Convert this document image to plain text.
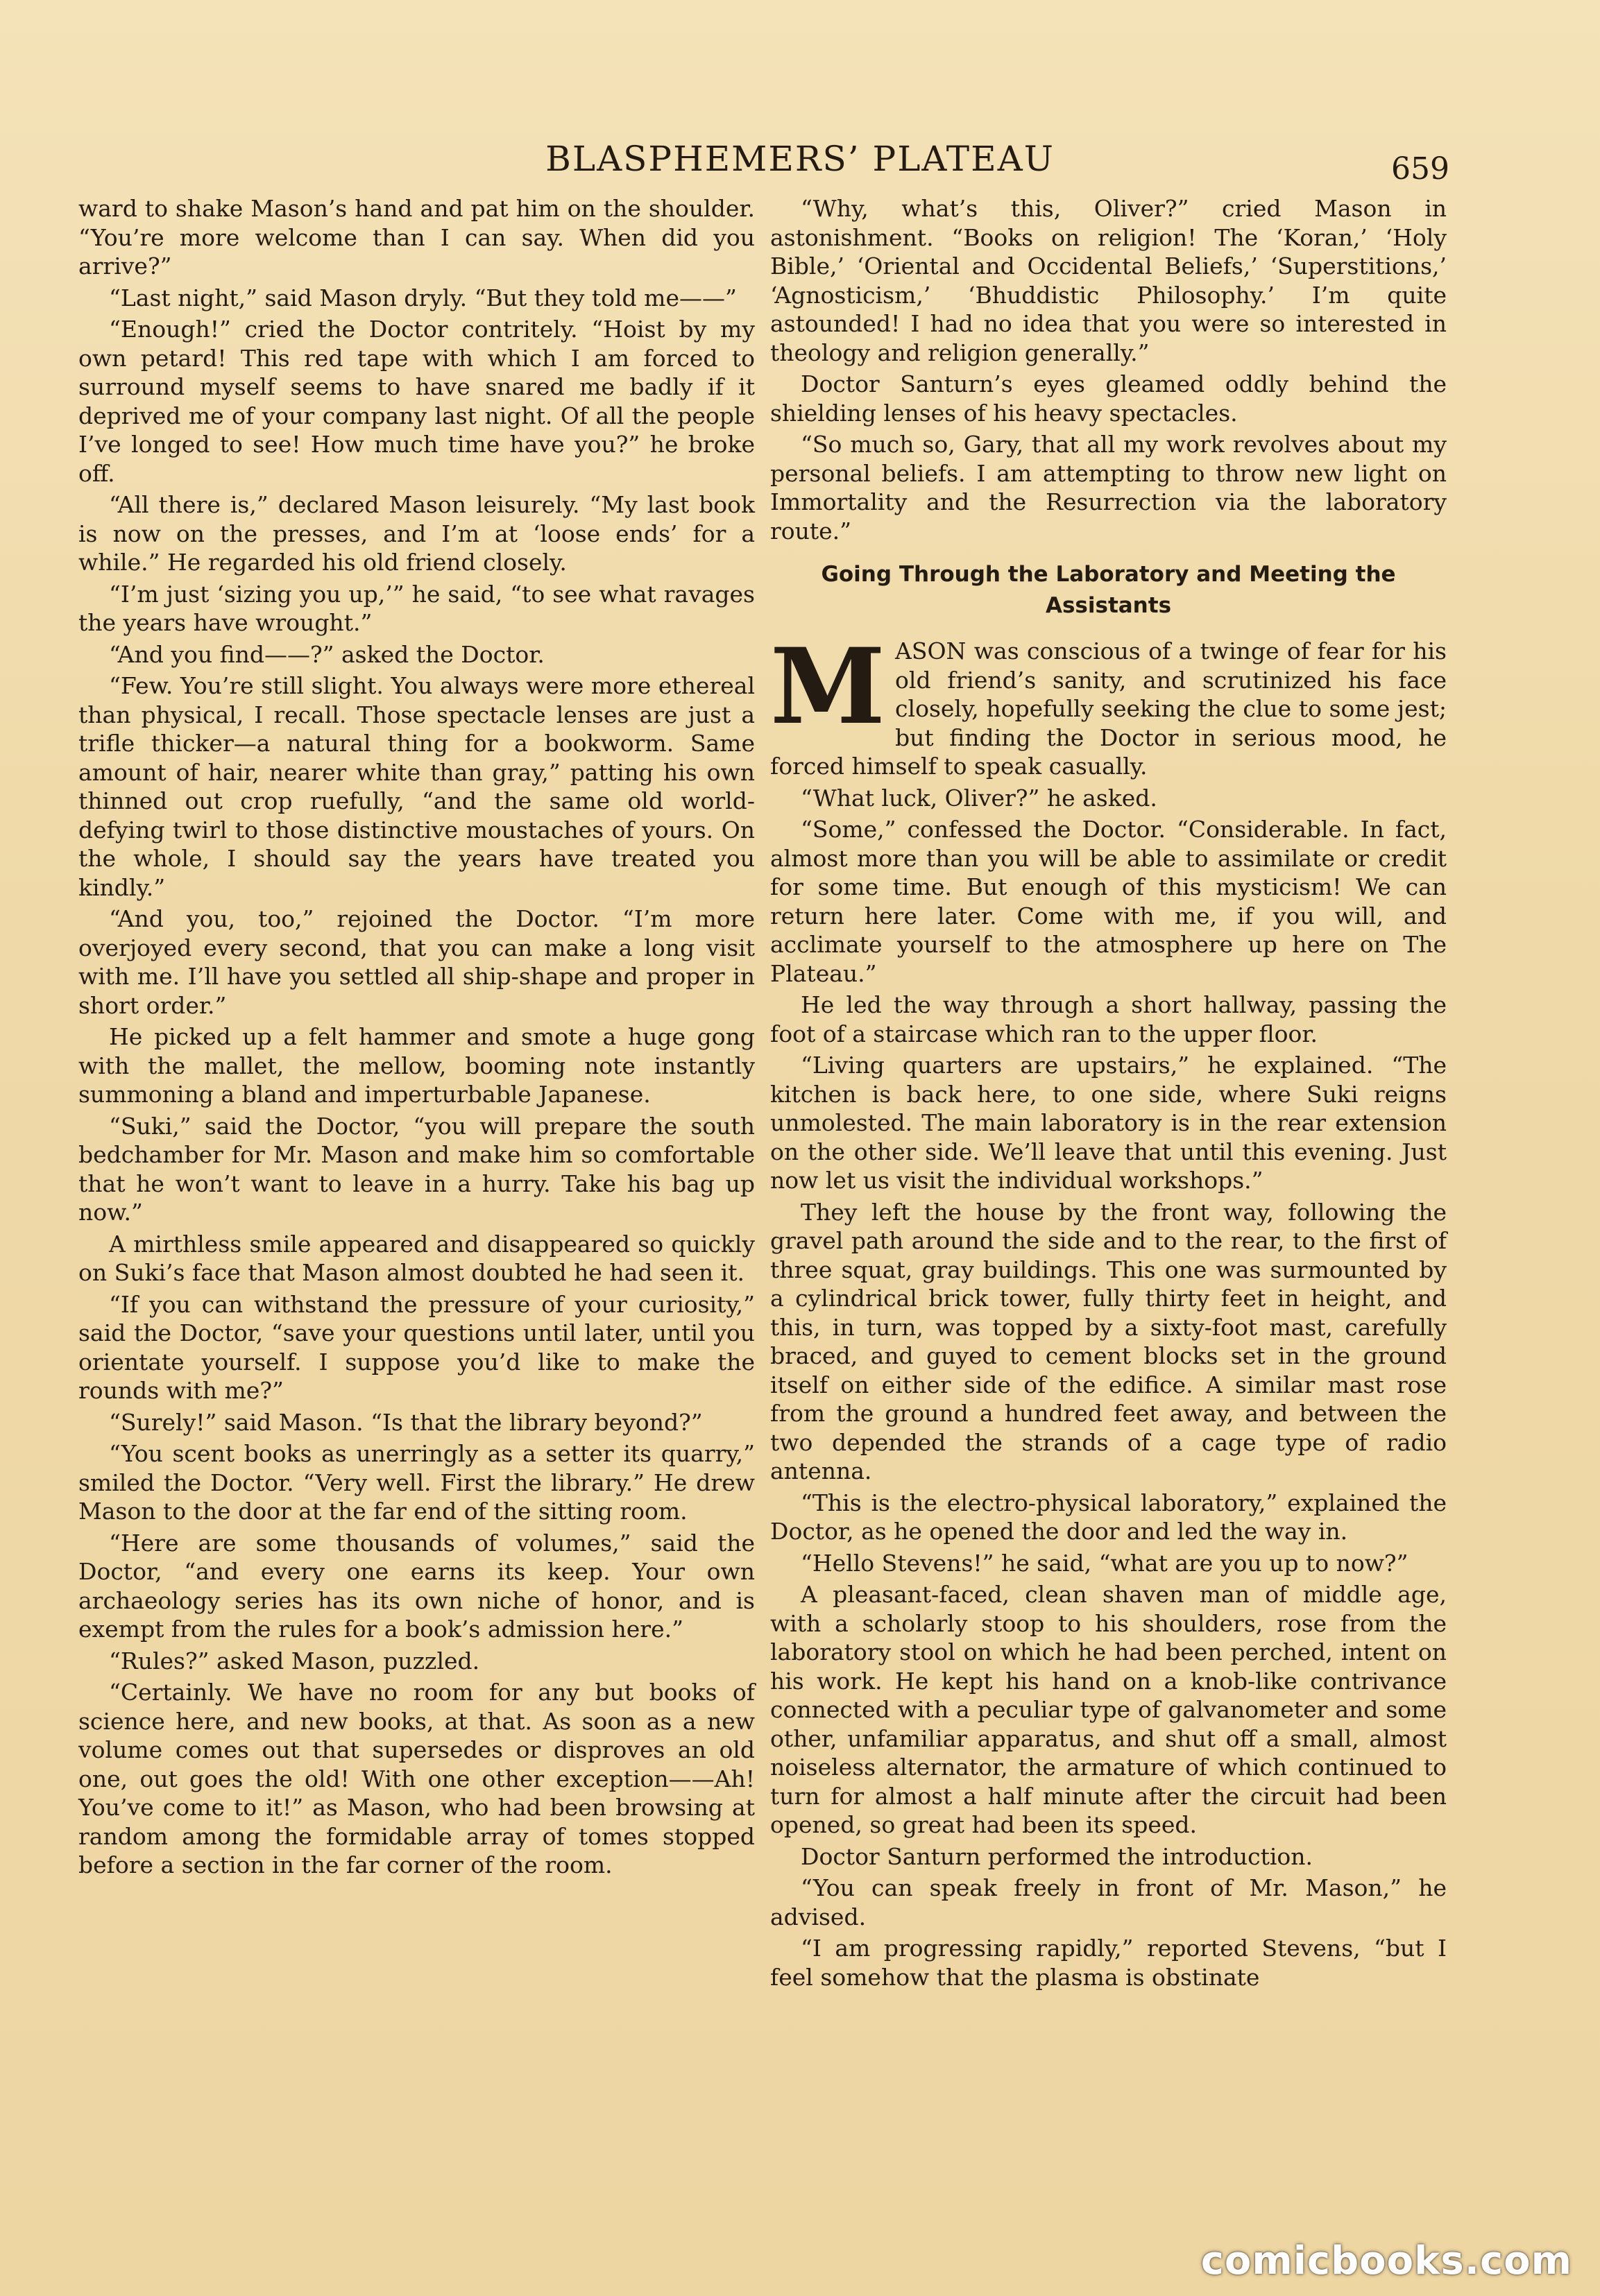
BLASPHEMERS’ PLATEAU	659

ward to shake Mason’s hand and pat him on the shoulder. “You’re more welcome than I can say. When did you arrive?”

“Last night,” said Mason dryly. “But they told me——”

“Enough!” cried the Doctor contritely. “Hoist by my own petard! This red tape with which I am forced to surround myself seems to have snared me badly if it deprived me of your company last night. Of all the people I’ve longed to see! How much time have you?” he broke off.

“All there is,” declared Mason leisurely. “My last book is now on the presses, and I’m at ‘loose ends’ for a while.” He regarded his old friend closely.

“I’m just ‘sizing you up,’” he said, “to see what ravages the years have wrought.”

“And you find——?” asked the Doctor.

“Few. You’re still slight. You always were more ethereal than physical, I recall. Those spectacle lenses are just a trifle thicker—a natural thing for a bookworm. Same amount of hair, nearer white than gray,” patting his own thinned out crop ruefully, “and the same old world-defying twirl to those distinctive moustaches of yours. On the whole, I should say the years have treated you kindly.”

“And you, too,” rejoined the Doctor. “I’m more overjoyed every second, that you can make a long visit with me. I’ll have you settled all ship-shape and proper in short order.”

He picked up a felt hammer and smote a huge gong with the mallet, the mellow, booming note instantly summoning a bland and imperturbable Japanese.

“Suki,” said the Doctor, “you will prepare the south bedchamber for Mr. Mason and make him so comfortable that he won’t want to leave in a hurry. Take his bag up now.”

A mirthless smile appeared and disappeared so quickly on Suki’s face that Mason almost doubted he had seen it.

“If you can withstand the pressure of your curiosity,” said the Doctor, “save your questions until later, until you orientate yourself. I suppose you’d like to make the rounds with me?”

“Surely!” said Mason. “Is that the library beyond?”

“You scent books as unerringly as a setter its quarry,” smiled the Doctor. “Very well. First the library.” He drew Mason to the door at the far end of the sitting room.

“Here are some thousands of volumes,” said the Doctor, “and every one earns its keep. Your own archaeology series has its own niche of honor, and is exempt from the rules for a book’s admission here.”

“Rules?” asked Mason, puzzled.

“Certainly. We have no room for any but books of science here, and new books, at that. As soon as a new volume comes out that supersedes or disproves an old one, out goes the old! With one other exception——Ah! You’ve come to it!” as Mason, who had been browsing at random among the formidable array of tomes stopped before a section in the far corner of the room.

“Why, what’s this, Oliver?” cried Mason in astonishment. “Books on religion! The ‘Koran,’ ‘Holy Bible,’ ‘Oriental and Occidental Beliefs,’ ‘Superstitions,’ ‘Agnosticism,’ ‘Bhuddistic Philosophy.’ I’m quite astounded! I had no idea that you were so interested in theology and religion generally.”

Doctor Santurn’s eyes gleamed oddly behind the shielding lenses of his heavy spectacles.

“So much so, Gary, that all my work revolves about my personal beliefs. I am attempting to throw new light on Immortality and the Resurrection via the laboratory route.”

Going Through the Laboratory and Meeting the Assistants

MASON was conscious of a twinge of fear for his old friend’s sanity, and scrutinized his face closely, hopefully seeking the clue to some jest; but finding the Doctor in serious mood, he forced himself to speak casually.

“What luck, Oliver?” he asked.

“Some,” confessed the Doctor. “Considerable. In fact, almost more than you will be able to assimilate or credit for some time. But enough of this mysticism! We can return here later. Come with me, if you will, and acclimate yourself to the atmosphere up here on The Plateau.”

He led the way through a short hallway, passing the foot of a staircase which ran to the upper floor.

“Living quarters are upstairs,” he explained. “The kitchen is back here, to one side, where Suki reigns unmolested. The main laboratory is in the rear extension on the other side. We’ll leave that until this evening. Just now let us visit the individual workshops.”

They left the house by the front way, following the gravel path around the side and to the rear, to the first of three squat, gray buildings. This one was surmounted by a cylindrical brick tower, fully thirty feet in height, and this, in turn, was topped by a sixty-foot mast, carefully braced, and guyed to cement blocks set in the ground itself on either side of the edifice. A similar mast rose from the ground a hundred feet away, and between the two depended the strands of a cage type of radio antenna.

“This is the electro-physical laboratory,” explained the Doctor, as he opened the door and led the way in.

“Hello Stevens!” he said, “what are you up to now?”

A pleasant-faced, clean shaven man of middle age, with a scholarly stoop to his shoulders, rose from the laboratory stool on which he had been perched, intent on his work. He kept his hand on a knob-like contrivance connected with a peculiar type of galvanometer and some other, unfamiliar apparatus, and shut off a small, almost noiseless alternator, the armature of which continued to turn for almost a half minute after the circuit had been opened, so great had been its speed.

Doctor Santurn performed the introduction.

“You can speak freely in front of Mr. Mason,” he advised.

“I am progressing rapidly,” reported Stevens, “but I feel somehow that the plasma is obstinate

comicbooks.com
